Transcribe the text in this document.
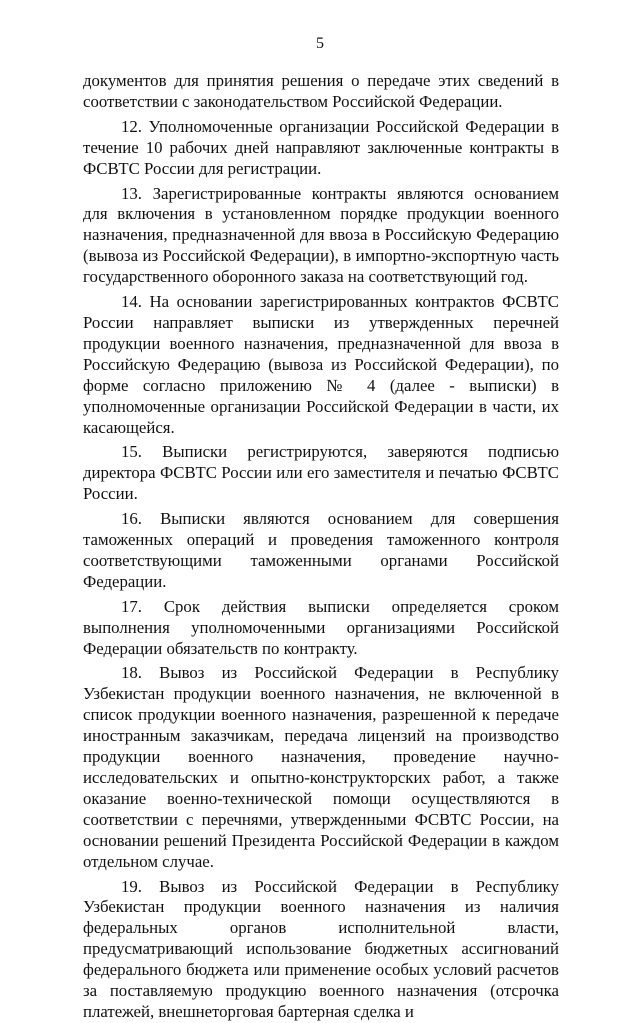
5

документов для принятия решения о передаче этих сведений в соответствии с законодательством Российской Федерации.

12. Уполномоченные организации Российской Федерации в течение 10 рабочих дней направляют заключенные контракты в ФСВТС России для регистрации.

13. Зарегистрированные контракты являются основанием для включения в установленном порядке продукции военного назначения, предназначенной для ввоза в Российскую Федерацию (вывоза из Российской Федерации), в импортно-экспортную часть государственного оборонного заказа на соответствующий год.

14. На основании зарегистрированных контрактов ФСВТС России направляет выписки из утвержденных перечней продукции военного назначения, предназначенной для ввоза в Российскую Федерацию (вывоза из Российской Федерации), по форме согласно приложению № 4 (далее - выписки) в уполномоченные организации Российской Федерации в части, их касающейся.

15. Выписки регистрируются, заверяются подписью директора ФСВТС России или его заместителя и печатью ФСВТС России.

16. Выписки являются основанием для совершения таможенных операций и проведения таможенного контроля соответствующими таможенными органами Российской Федерации.

17. Срок действия выписки определяется сроком выполнения уполномоченными организациями Российской Федерации обязательств по контракту.

18. Вывоз из Российской Федерации в Республику Узбекистан продукции военного назначения, не включенной в список продукции военного назначения, разрешенной к передаче иностранным заказчикам, передача лицензий на производство продукции военного назначения, проведение научно-исследовательских и опытно-конструкторских работ, а также оказание военно-технической помощи осуществляются в соответствии с перечнями, утвержденными ФСВТС России, на основании решений Президента Российской Федерации в каждом отдельном случае.

19. Вывоз из Российской Федерации в Республику Узбекистан продукции военного назначения из наличия федеральных органов исполнительной власти, предусматривающий использование бюджетных ассигнований федерального бюджета или применение особых условий расчетов за поставляемую продукцию военного назначения (отсрочка платежей, внешнеторговая бартерная сделка и
